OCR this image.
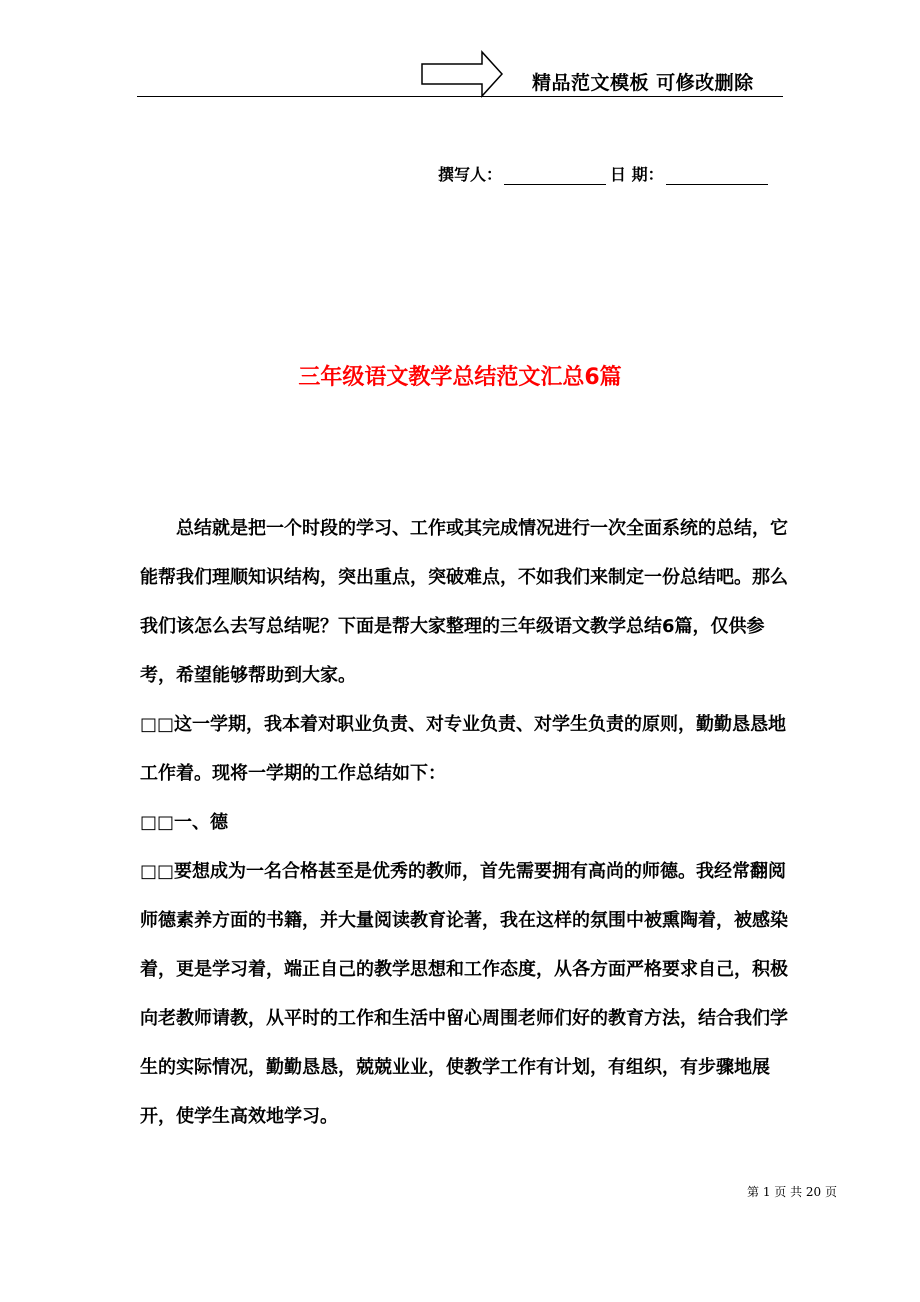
精品范文模板 可修改删除
撰写人：	日 期：
三年级语文教学总结范文汇总6篇

总结就是把一个时段的学习、工作或其完成情况进行一次全面系统的总结，它能帮我们理顺知识结构，突出重点，突破难点，不如我们来制定一份总结吧。那么我们该怎么去写总结呢？下面是帮大家整理的三年级语文教学总结6篇，仅供参考，希望能够帮助到大家。

□□这一学期，我本着对职业负责、对专业负责、对学生负责的原则，勤勤恳恳地工作着。现将一学期的工作总结如下：

□□一、德

□□要想成为一名合格甚至是优秀的教师，首先需要拥有高尚的师德。我经常翻阅师德素养方面的书籍，并大量阅读教育论著，我在这样的氛围中被熏陶着，被感染着，更是学习着，端正自己的教学思想和工作态度，从各方面严格要求自己，积极向老教师请教，从平时的工作和生活中留心周围老师们好的教育方法，结合我们学生的实际情况，勤勤恳恳，兢兢业业，使教学工作有计划，有组织，有步骤地展开，使学生高效地学习。

第 1 页 共 20 页
